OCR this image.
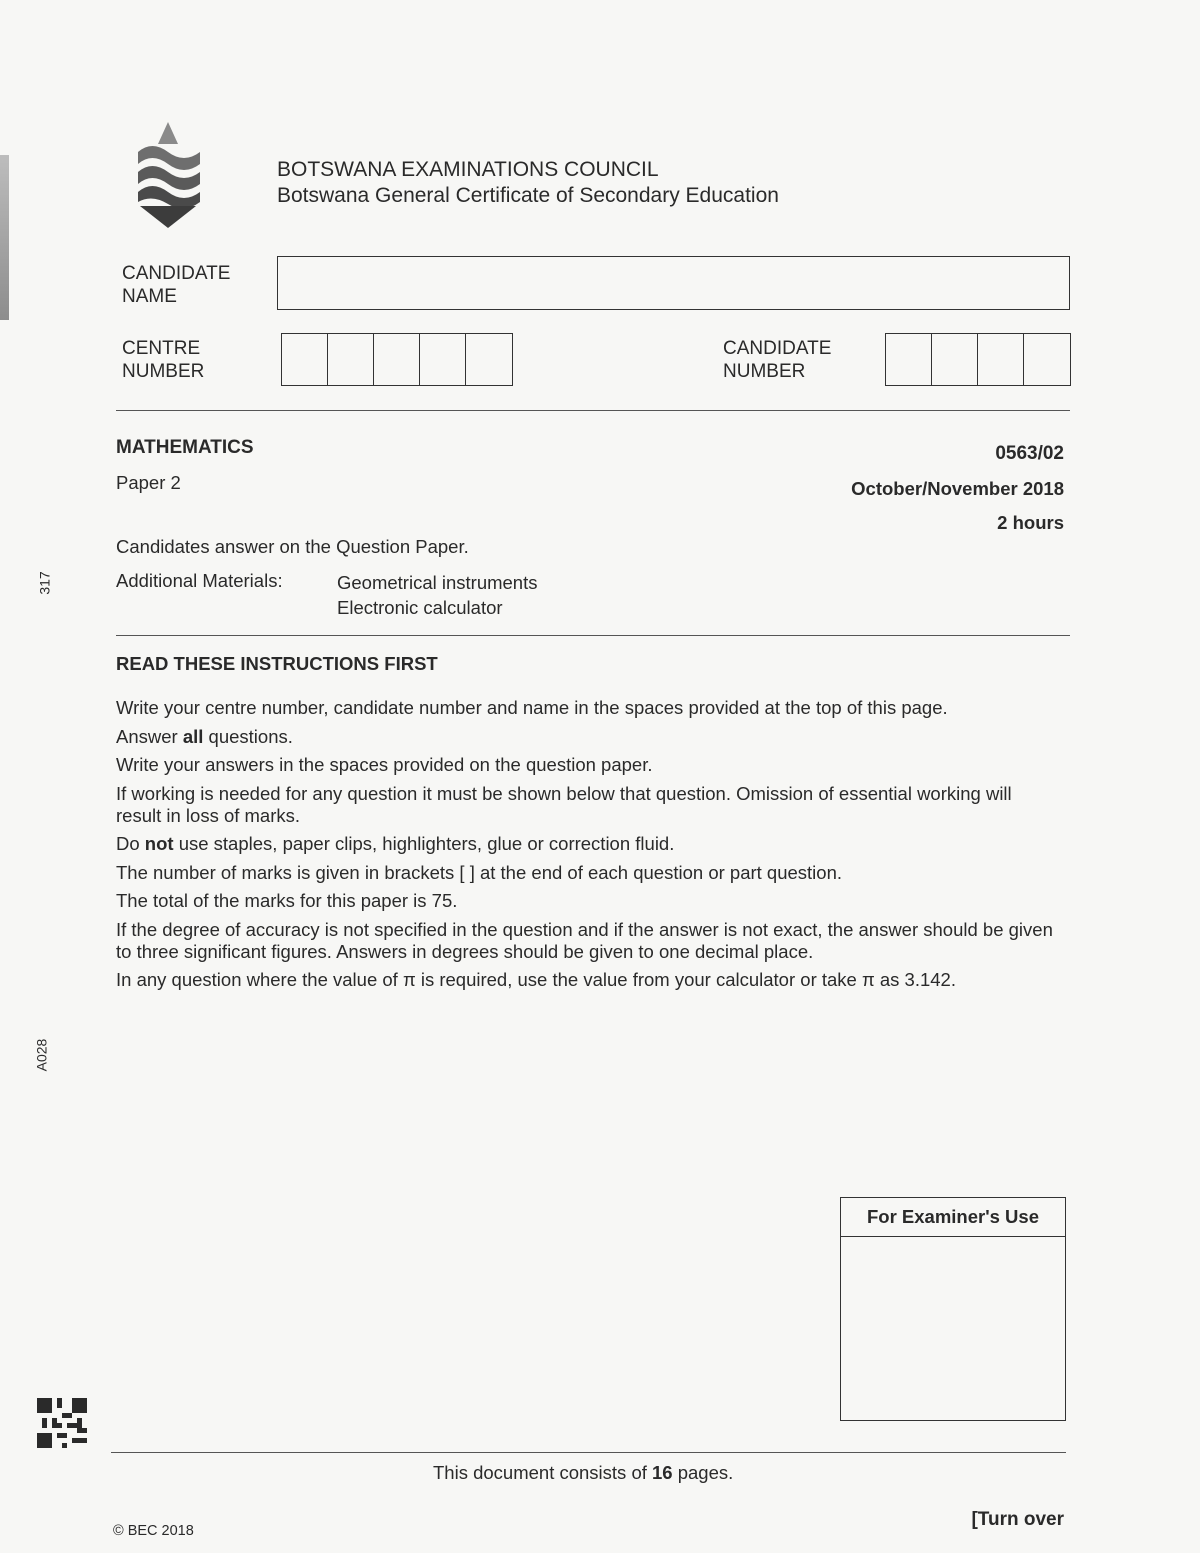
BOTSWANA EXAMINATIONS COUNCIL
Botswana General Certificate of Secondary Education
CANDIDATE
NAME
CENTRE
NUMBER
CANDIDATE
NUMBER
MATHEMATICS
Paper 2
0563/02
October/November 2018
2 hours
Candidates answer on the Question Paper.
Additional Materials:	Geometrical instruments
Electronic calculator
READ THESE INSTRUCTIONS FIRST

Write your centre number, candidate number and name in the spaces provided at the top of this page.

Answer all questions.

Write your answers in the spaces provided on the question paper.

If working is needed for any question it must be shown below that question. Omission of essential working will result in loss of marks.

Do not use staples, paper clips, highlighters, glue or correction fluid.

The number of marks is given in brackets [ ] at the end of each question or part question.

The total of the marks for this paper is 75.

If the degree of accuracy is not specified in the question and if the answer is not exact, the answer should be given to three significant figures. Answers in degrees should be given to one decimal place.

In any question where the value of π is required, use the value from your calculator or take π as 3.142.

317
A028
For Examiner's Use
This document consists of 16 pages.
© BEC 2018
[Turn over
